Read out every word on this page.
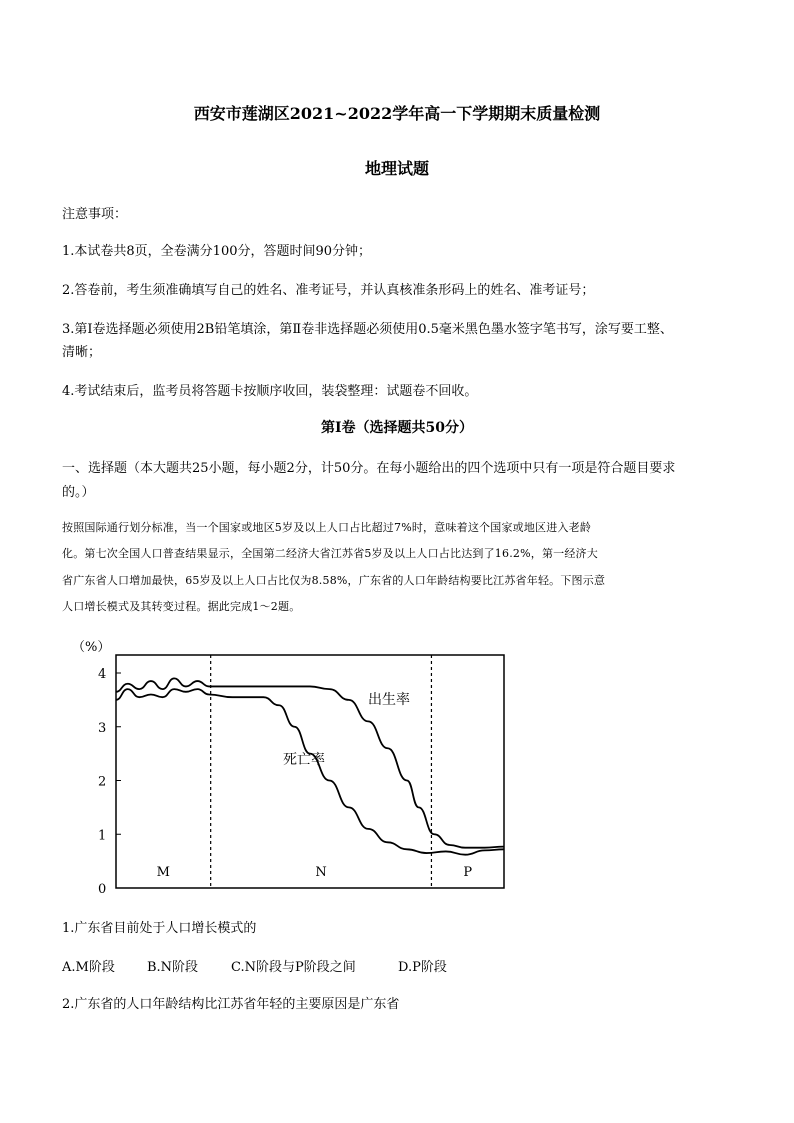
西安市莲湖区2021~2022学年高一下学期期末质量检测
地理试题
注意事项：
1.本试卷共8页，全卷满分100分，答题时间90分钟；
2.答卷前，考生须准确填写自己的姓名、准考证号，并认真核准条形码上的姓名、准考证号；
3.第Ⅰ卷选择题必须使用2B铅笔填涂，第Ⅱ卷非选择题必须使用0.5毫米黑色墨水签字笔书写，涂写要工整、
清晰；
4.考试结束后，监考员将答题卡按顺序收回，装袋整理：试题卷不回收。
第Ⅰ卷（选择题共50分）
一、选择题（本大题共25小题，每小题2分，计50分。在每小题给出的四个选项中只有一项是符合题目要求
的。）
按照国际通行划分标准，当一个国家或地区5岁及以上人口占比超过7%时，意味着这个国家或地区进入老龄
化。第七次全国人口普查结果显示，全国第二经济大省江苏省5岁及以上人口占比达到了16.2%，第一经济大
省广东省人口增加最快，65岁及以上人口占比仅为8.58%，广东省的人口年龄结构要比江苏省年轻。下图示意
人口增长模式及其转变过程。据此完成1～2题。
（%）
0
1
2
3
4
M	N	P
出生率
死亡率
1.广东省目前处于人口增长模式的
A.M阶段 B.N阶段	C.N阶段与P阶段之间	D.P阶段
2.广东省的人口年龄结构比江苏省年轻的主要原因是广东省
